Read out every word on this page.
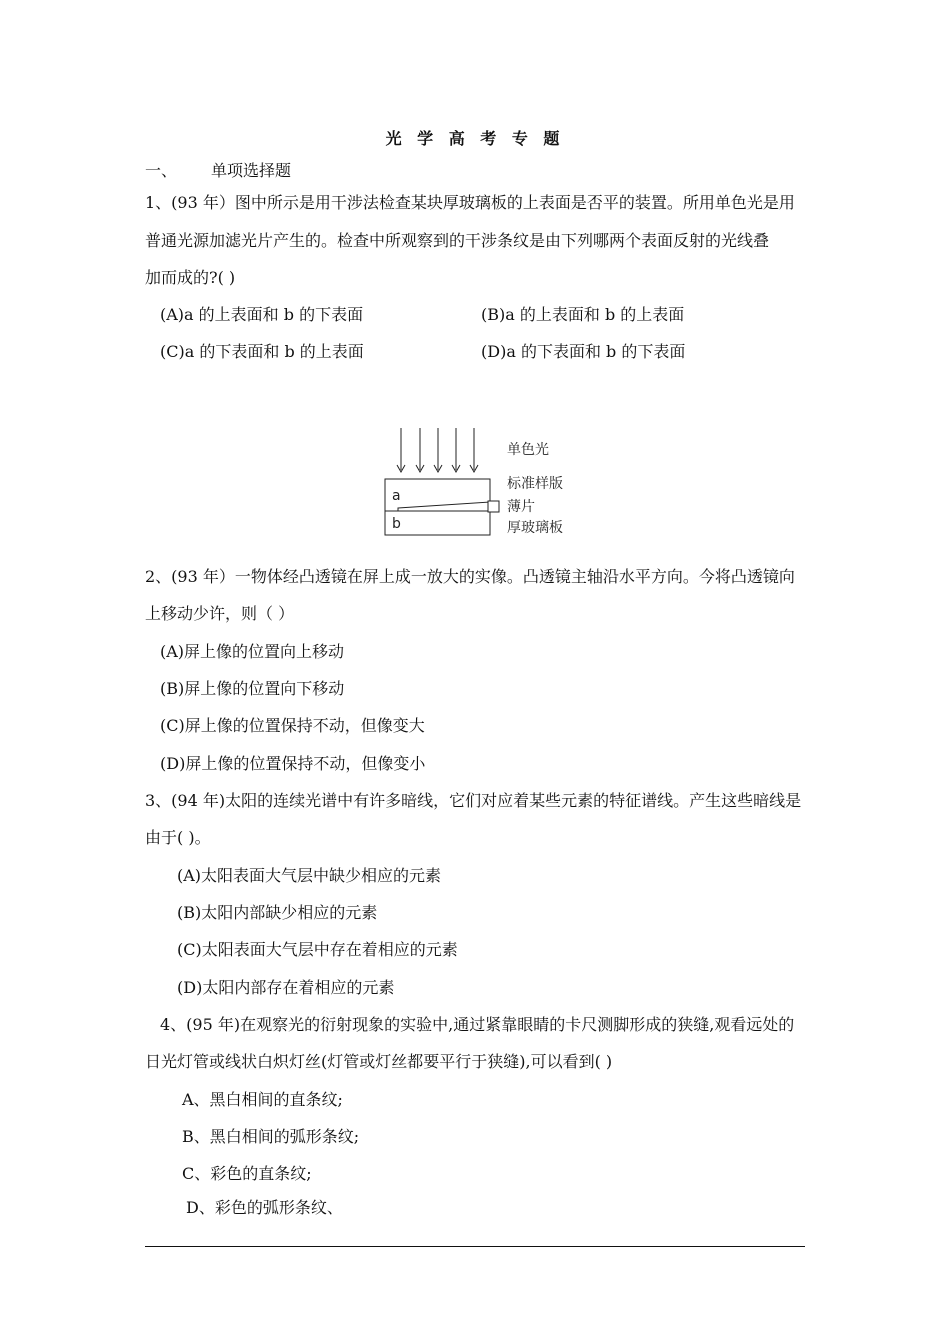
光 学 高 考 专 题
一、 单项选择题
1、(93 年）图中所示是用干涉法检查某块厚玻璃板的上表面是否平的装置。所用单色光是用
普通光源加滤光片产生的。检查中所观察到的干涉条纹是由下列哪两个表面反射的光线叠
加而成的?( )
(A)a 的上表面和 b 的下表面	(B)a 的上表面和 b 的上表面
(C)a 的下表面和 b 的上表面	(D)a 的下表面和 b 的下表面
a
b
单色光
标准样版
薄片
厚玻璃板
2、(93 年）一物体经凸透镜在屏上成一放大的实像。凸透镜主轴沿水平方向。今将凸透镜向
上移动少许，则（ ）
(A)屏上像的位置向上移动
(B)屏上像的位置向下移动
(C)屏上像的位置保持不动，但像变大
(D)屏上像的位置保持不动，但像变小
3、(94 年)太阳的连续光谱中有许多暗线，它们对应着某些元素的特征谱线。产生这些暗线是
由于( )。
(A)太阳表面大气层中缺少相应的元素
(B)太阳内部缺少相应的元素
(C)太阳表面大气层中存在着相应的元素
(D)太阳内部存在着相应的元素
4、(95 年)在观察光的衍射现象的实验中,通过紧靠眼睛的卡尺测脚形成的狭缝,观看远处的
日光灯管或线状白炽灯丝(灯管或灯丝都要平行于狭缝),可以看到( )
A、黑白相间的直条纹;
B、黑白相间的弧形条纹;
C、彩色的直条纹;
D、彩色的弧形条纹、
